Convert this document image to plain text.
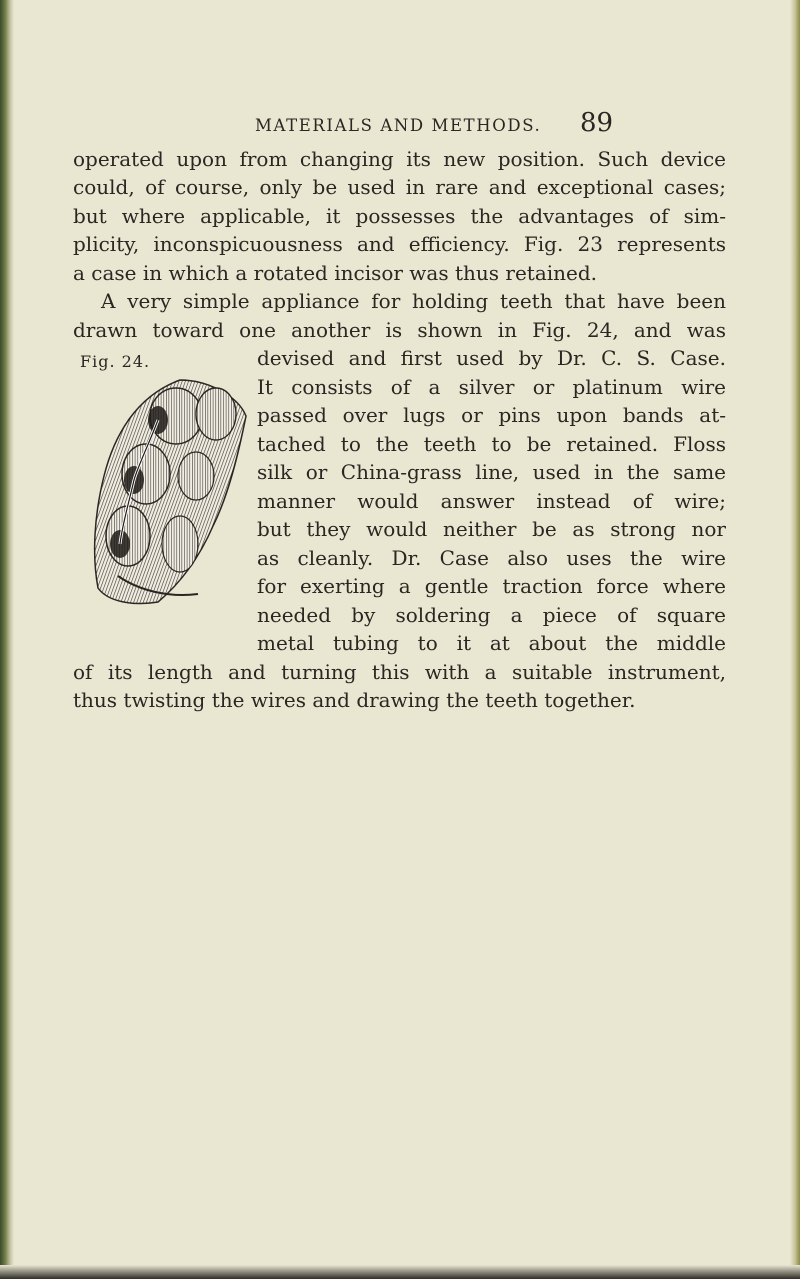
MATERIALS AND METHODS. 89
operated upon from changing its new position. Such device
could, of course, only be used in rare and exceptional cases;
but where applicable, it possesses the advantages of sim-
plicity, inconspicuousness and efficiency. Fig. 23 represents
a case in which a rotated incisor was thus retained.
A very simple appliance for holding teeth that have been
drawn toward one another is shown in Fig. 24, and was
devised and first used by Dr. C. S. Case.
It consists of a silver or platinum wire
passed over lugs or pins upon bands at-
tached to the teeth to be retained. Floss
silk or China-grass line, used in the same
manner would answer instead of wire;
but they would neither be as strong nor
as cleanly. Dr. Case also uses the wire
for exerting a gentle traction force where
needed by soldering a piece of square
metal tubing to it at about the middle
of its length and turning this with a suitable instrument,
thus twisting the wires and drawing the teeth together.
Fig. 24.
